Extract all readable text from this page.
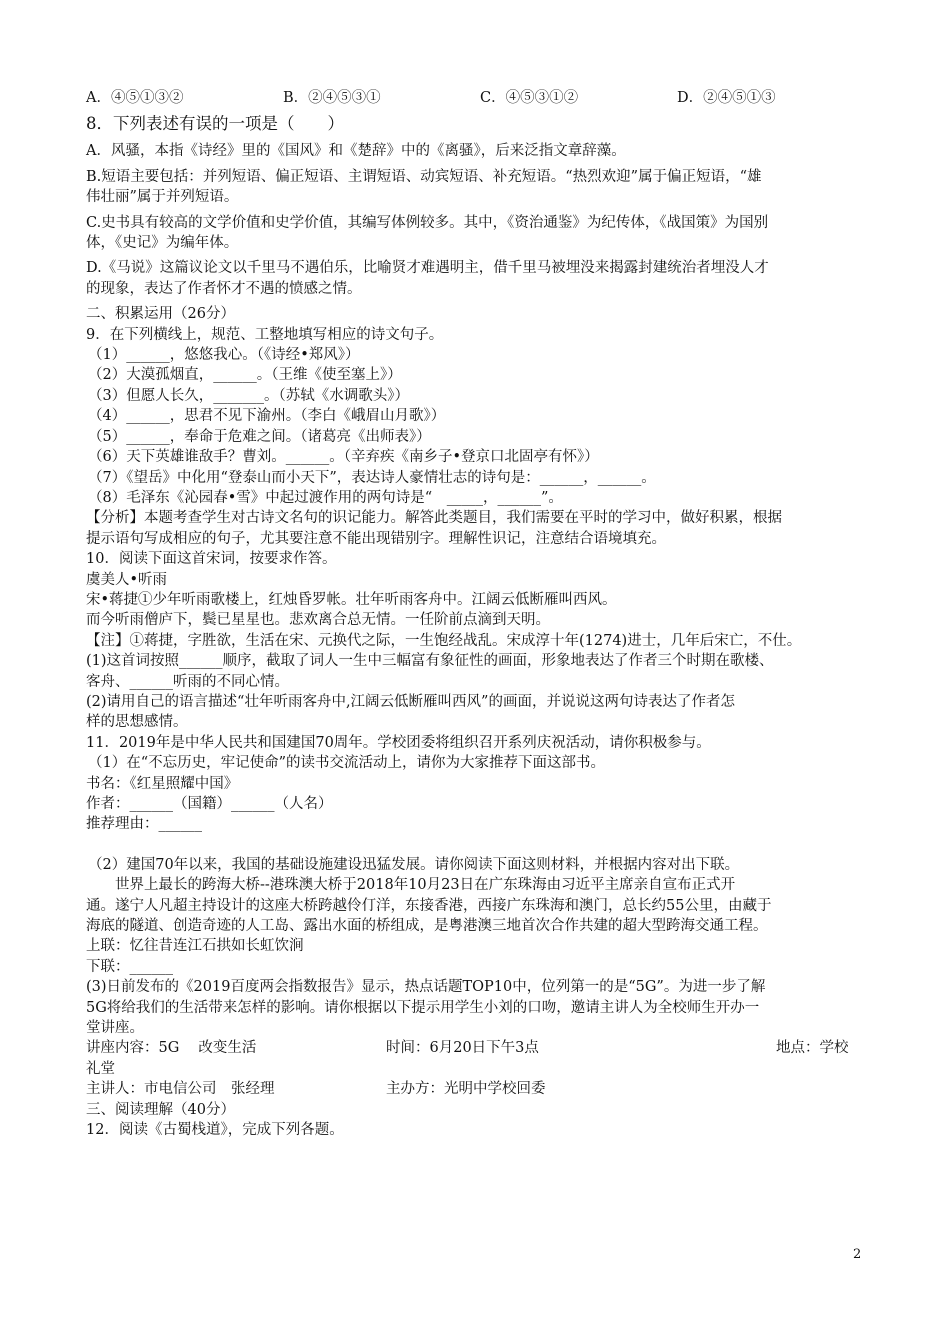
A．④⑤①③②	B．②④⑤③①	C．④⑤③①②	D．②④⑤①③
8．下列表述有误的一项是（　　）
A．风骚，本指《诗经》里的《国风》和《楚辞》中的《离骚》，后来泛指文章辞藻。
B.短语主要包括：并列短语、偏正短语、主谓短语、动宾短语、补充短语。“热烈欢迎”属于偏正短语，“雄
伟壮丽”属于并列短语。
C.史书具有较高的文学价值和史学价值，其编写体例较多。其中，《资治通鉴》为纪传体，《战国策》为国别
体，《史记》为编年体。
D.《马说》这篇议论文以千里马不遇伯乐，比喻贤才难遇明主，借千里马被埋没来揭露封建统治者埋没人才
的现象，表达了作者怀才不遇的愤感之情。
二、积累运用（26分）
9．在下列横线上，规范、工整地填写相应的诗文句子。
（1）______，悠悠我心。（《诗经•郑风》）
（2）大漠孤烟直，______。（王维《使至塞上》）
（3）但愿人长久，_______。（苏轼《水调歌头》）
（4）______，思君不见下渝州。（李白《峨眉山月歌》）
（5）______，奉命于危难之间。（诸葛亮《出师表》）
（6）天下英雄谁敌手？曹刘。______。（辛弃疾《南乡子•登京口北固亭有怀》）
（7）《望岳》中化用“登泰山而小天下”，表达诗人豪情壮志的诗句是：______，______。
（8）毛泽东《沁园春•雪》中起过渡作用的两句诗是“　_____，______”。
【分析】本题考查学生对古诗文名句的识记能力。解答此类题目，我们需要在平时的学习中，做好积累，根据
提示语句写成相应的句子，尤其要注意不能出现错别字。理解性识记，注意结合语境填充。
10．阅读下面这首宋词，按要求作答。
虞美人•听雨
宋•蒋捷①少年听雨歌楼上，红烛昏罗帐。壮年听雨客舟中。江阔云低断雁叫西风。
而今听雨僧庐下，鬓已星星也。悲欢离合总无情。一任阶前点滴到天明。
【注】①蒋捷，字胜欲，生活在宋、元换代之际，一生饱经战乱。宋成淳十年(1274)进士，几年后宋亡，不仕。
(1)这首词按照______顺序，截取了词人一生中三幅富有象征性的画面，形象地表达了作者三个时期在歌楼、
客舟、______听雨的不同心情。
(2)请用自己的语言描述“壮年听雨客舟中,江阔云低断雁叫西风”的画面，并说说这两句诗表达了作者怎
样的思想感情。
11．2019年是中华人民共和国建国70周年。学校团委将组织召开系列庆祝活动，请你积极参与。
（1）在“不忘历史，牢记使命”的读书交流活动上，请你为大家推荐下面这部书。
书名：《红星照耀中国》
作者：______（国籍）______（人名）
推荐理由：______
（2）建国70年以来，我国的基础设施建设迅猛发展。请你阅读下面这则材料，并根据内容对出下联。
世界上最长的跨海大桥--港珠澳大桥于2018年10月23日在广东珠海由习近平主席亲自宣布正式开
通。遂宁人凡超主持设计的这座大桥跨越伶仃洋，东接香港，西接广东珠海和澳门，总长约55公里，由藏于
海底的隧道、创造奇迹的人工岛、露出水面的桥组成，是粤港澳三地首次合作共建的超大型跨海交通工程。
上联：忆往昔连江石拱如长虹饮涧
下联：______
(3)日前发布的《2019百度两会指数报告》显示，热点话题TOP10中，位列第一的是“5G”。为进一步了解
5G将给我们的生活带来怎样的影响。请你根据以下提示用学生小刘的口吻，邀请主讲人为全校师生开办一
堂讲座。
讲座内容：5G　 改变生活	时间：6月20日下午3点	地点：学校
礼堂
主讲人：市电信公司　张经理	主办方：光明中学校回委
三、阅读理解（40分）
12．阅读《古蜀栈道》，完成下列各题。
2
